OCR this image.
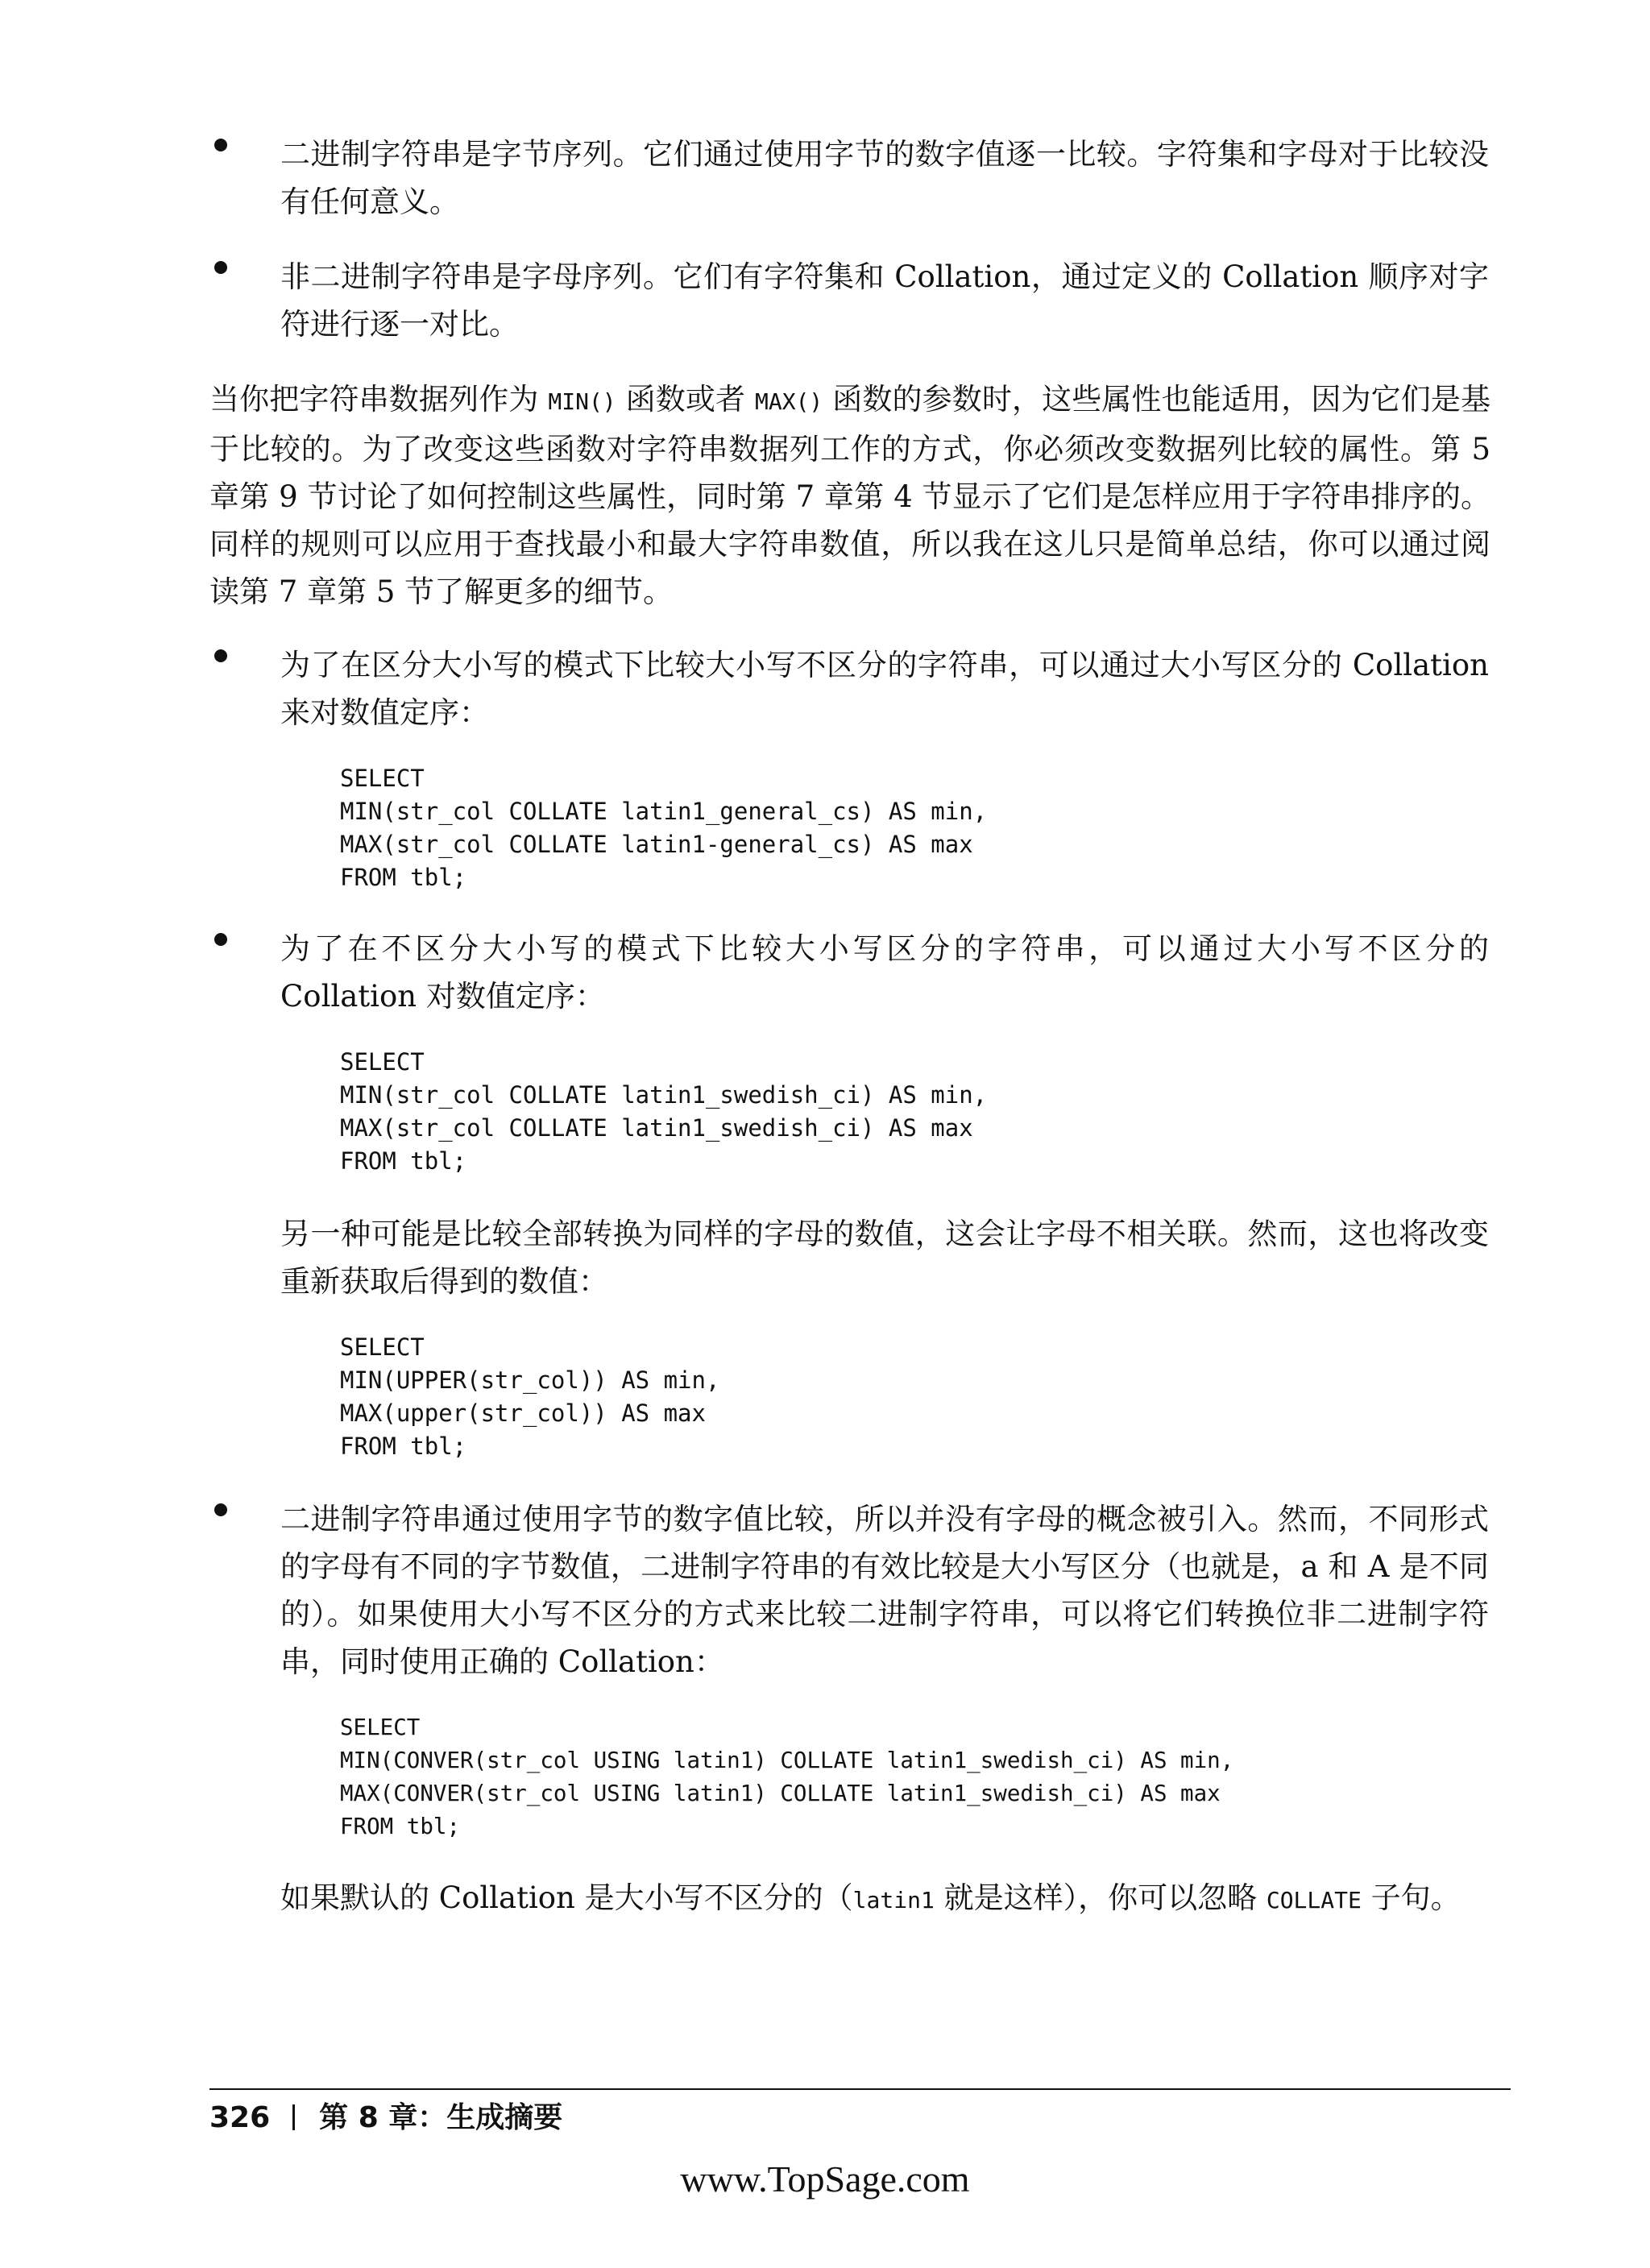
二进制字符串是字节序列。它们通过使用字节的数字值逐一比较。字符集和字母对于比较没有任何意义。
非二进制字符串是字母序列。它们有字符集和 Collation，通过定义的 Collation 顺序对字符进行逐一对比。
当你把字符串数据列作为 MIN() 函数或者 MAX() 函数的参数时，这些属性也能适用，因为它们是基于比较的。为了改变这些函数对字符串数据列工作的方式，你必须改变数据列比较的属性。第 5 章第 9 节讨论了如何控制这些属性，同时第 7 章第 4 节显示了它们是怎样应用于字符串排序的。同样的规则可以应用于查找最小和最大字符串数值，所以我在这儿只是简单总结，你可以通过阅读第 7 章第 5 节了解更多的细节。
为了在区分大小写的模式下比较大小写不区分的字符串，可以通过大小写区分的 Collation 来对数值定序：
SELECT
MIN(str_col COLLATE latin1_general_cs) AS min,
MAX(str_col COLLATE latin1-general_cs) AS max
FROM tbl;
为了在不区分大小写的模式下比较大小写区分的字符串，可以通过大小写不区分的 Collation 对数值定序：
SELECT
MIN(str_col COLLATE latin1_swedish_ci) AS min,
MAX(str_col COLLATE latin1_swedish_ci) AS max
FROM tbl;
另一种可能是比较全部转换为同样的字母的数值，这会让字母不相关联。然而，这也将改变重新获取后得到的数值：
SELECT
MIN(UPPER(str_col)) AS min,
MAX(upper(str_col)) AS max
FROM tbl;
二进制字符串通过使用字节的数字值比较，所以并没有字母的概念被引入。然而，不同形式的字母有不同的字节数值，二进制字符串的有效比较是大小写区分（也就是，a 和 A 是不同的）。如果使用大小写不区分的方式来比较二进制字符串，可以将它们转换位非二进制字符串，同时使用正确的 Collation：
SELECT
MIN(CONVER(str_col USING latin1) COLLATE latin1_swedish_ci) AS min,
MAX(CONVER(str_col USING latin1) COLLATE latin1_swedish_ci) AS max
FROM tbl;
如果默认的 Collation 是大小写不区分的（latin1 就是这样），你可以忽略 COLLATE 子句。
326 第 8 章：生成摘要
www.TopSage.com
